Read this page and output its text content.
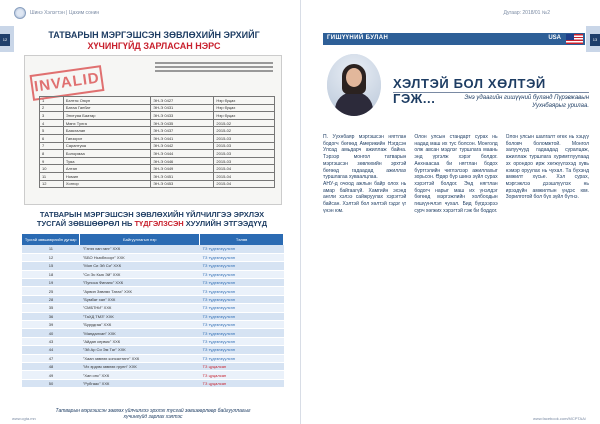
Шинэ Хэлэгтэн | Цахим сонин
12	ТАТВАРЫН МЭРГЭШСЭН ЗӨВЛӨХИЙН ЭРХИЙГ
ХҮЧИНГҮЙД ЗАРЛАСАН НЭРС
INVALID
1	Бэлтэс Оюун	ЭН-Э 0427	Нэр буцах
2	Батаа Ганбат	ЭН-Э 0431	Нэр буцах
3	Энхтуяа Баатар	ЭН-Э 0433	Нэр буцах
4	Мөнх Тулга	ЭН-Э 0435	2015-02
5	Баясгалан	ЭН-Э 0437	2015-02
6	Ганзориг	ЭН-Э 0441	2015-03
7	Сарантуяа	ЭН-Э 0442	2015-03
8	Болормаа	ЭН-Э 0444	2015-03
9	Туяа	ЭН-Э 0446	2015-03
10	Алтан	ЭН-Э 0449	2015-04
11	Номин	ЭН-Э 0451	2015-04
12	Хонгор	ЭН-Э 0453	2015-04
ТАТВАРЫН МЭРГЭШСЭН ЗӨВЛӨХИЙН ҮЙЛЧИЛГЭЭ ЭРХЛЭХ
ТУСГАЙ ЗӨВШӨӨРӨЛ НЬ ТҮДГЭЛЗСЭН ХУУЛИЙН ЭТГЭЭДҮҮД
Тусгай зөвшөөрлийн дугаар	Байгууллагын нэр	Төлөв
11	"Гэгээ хан ганг" ХХК	ТЗ түдгэлзүүлсэн
12	"ББО Ньюблоорг" ХХК	ТЗ түдгэлзүүлсэн
15	"Мон Си Эй Си" ХХК	ТЗ түдгэлзүүлсэн
18	"Си Эс Кью Эй" ХХК	ТЗ түдгэлзүүлсэн
19	"Пуноса Финанс" ХХК	ТЗ түдгэлзүүлсэн
25	"Арвин Зөвлөх Татах" ХХК	ТЗ түдгэлзүүлсэн
28	"Бумбат хан" ХХК	ТЗ түдгэлзүүлсэн
35	"СМБТНИ" ХХК	ТЗ түдгэлзүүлсэн
36	"ТаХД ТМЗ" ХХК	ТЗ түдгэлзүүлсэн
39	"Бурудгаа" ХХК	ТЗ түдгэлзүүлсэн
40	"Мандалхан" ХХК	ТЗ түдгэлзүүлсэн
43	"Айдан сервис" ХХК	ТЗ түдгэлзүүлсэн
44	"Эй Ар Си Эм Таг" ХХК	ТЗ түдгэлзүүлсэн
47	"Хаан зөвлөх консалтинг" ХХК	ТЗ түдгэлзүүлсэн
48	"Их эрдэм зөвлөх групп" ХХК	ТЗ цуцалсан
49	"Хан онс" ХХК	ТЗ цуцалсан
50	"Рубгаас" ХХК	ТЗ цуцалсан
Татварын мэргэшсэн зөвлөх үйлчилгээ эрхлэх тусгай зөвшөөрлөөр байгууллагыг
хүчингүйд зарлах хэлтэс
www.cgta.mn
Дугаар: 2018/01 №2
13
ГИШҮҮНИЙ БУЛАН	USA
ХЭЛТЭЙ БОЛ ХӨЛТЭЙ ГЭЖ...	Энэ удаагийн гишүүний буланд Пүрэвжавын
Уухнбаярыг урилаа.

П. Уухнбаяр мэргэшсэн нягтлан бодогч бөгөөд Америкийн Нэгдсэн Улсад амьдарч ажиллаж байна. Тэрээр монгол татварын мэргэшсэн зөвлөхийн эрхтэй бөгөөд гадаадад ажиллах туршлагаа хуваалцлаа.

АНУ-д очоод ажлын байр олох нь амар байгаагүй. Хамгийн эхэнд англи хэлээ сайжруулах хэрэгтэй байсан. Хэлтэй бол хөлтэй гэдэг үг үнэн юм.

Олон улсын стандарт сурах нь надад маш их тус болсон. Монголд олж авсан мэдлэг туршлага маань энд үргэлж хэрэг болдог. Анхнаасаа би нягтлан бодох бүртгэлийн чиглэлээр ажиллахыг зорьсон. Өдөр бүр шинэ зүйл сурах хэрэгтэй болдог. Энд нягтлан бодогч нарыг маш их үнэлдэг бөгөөд мэргэжлийн холбоодын гишүүнчлэл чухал. Бид бүгдээрээ сурч хөгжих хэрэгтэй гэж би боддог.
Олон улсын шалгалт өгөх нь хэцүү боловч боломжтой. Монгол залуучууд гадаадад суралцаж, ажиллаж туршлага хуримтлуулаад эх орондоо ирж хөгжүүлэхэд хувь нэмэр оруулах нь чухал. Та бүхэнд амжилт хүсье. Хэл сурах, мэргэжлээ дээшлүүлэх нь ирээдүйн амжилтын үндэс юм. Зорилготой бол бүх зүйл бүтнэ.
www.facebook.com/MCPTAA/
